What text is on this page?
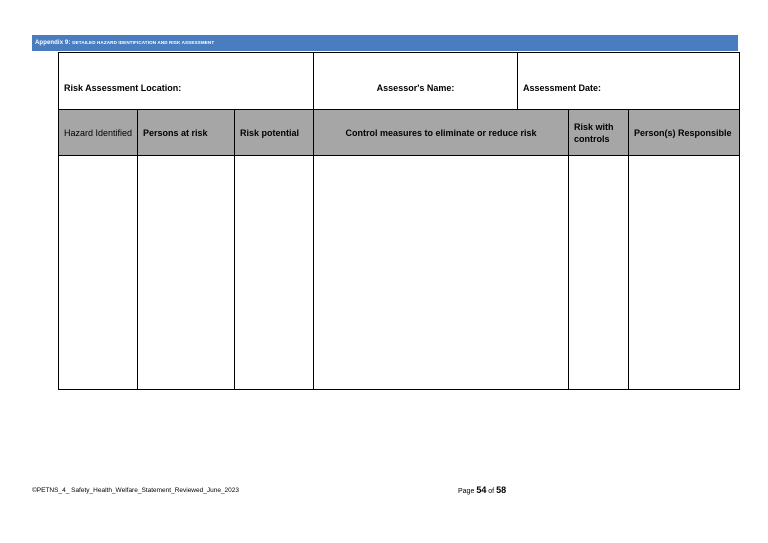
Appendix 9: DETAILED HAZARD IDENTIFICATION AND RISK ASSESSMENT
Risk Assessment Location:			Assessor's Name:	Assessment Date:		

Hazard Identified	Persons at risk	Risk potential	Control measures to eliminate or reduce risk		Risk with controls	Person(s) Responsible

©PETNS_4_ Safety_Health_Welfare_Statement_Reviewed_June_2023	Page 54 of 58
